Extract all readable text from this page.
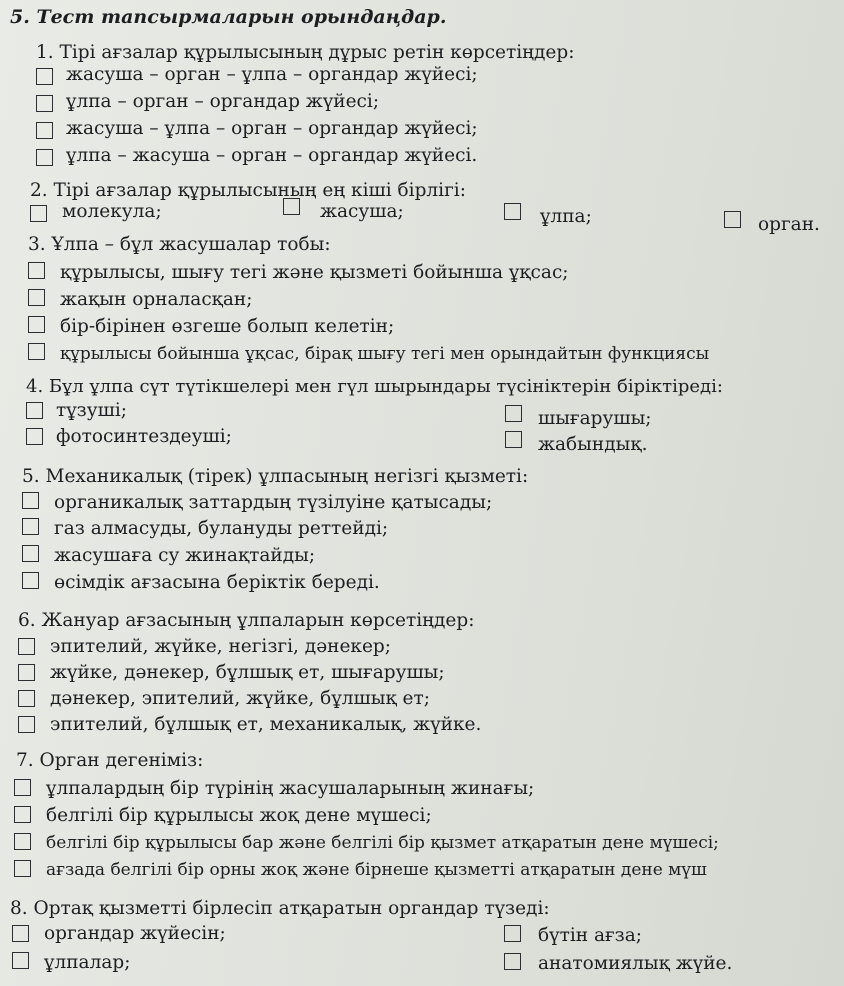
5. Тест тапсырмаларын орындаңдар.
1. Тірі ағзалар құрылысының дұрыс ретін көрсетіңдер:
жасуша – орган – ұлпа – органдар жүйесі;
ұлпа – орган – органдар жүйесі;
жасуша – ұлпа – орган – органдар жүйесі;
ұлпа – жасуша – орган – органдар жүйесі.
2. Тірі ағзалар құрылысының ең кіші бірлігі:
молекула;	жасуша;	ұлпа;	орган.
3. Ұлпа – бұл жасушалар тобы:
құрылысы, шығу тегі және қызметі бойынша ұқсас;
жақын орналасқан;
бір-бірінен өзгеше болып келетін;
құрылысы бойынша ұқсас, бірақ шығу тегі мен орындайтын функциясы
4. Бұл ұлпа сүт түтікшелері мен гүл шырындары түсініктерін біріктіреді:
тұзуші;	шығарушы;
фотосинтездеуші;	жабындық.
5. Механикалық (тірек) ұлпасының негізгі қызметі:
органикалық заттардың түзілуіне қатысады;
газ алмасуды, булануды реттейді;
жасушаға су жинақтайды;
өсімдік ағзасына беріктік береді.
6. Жануар ағзасының ұлпаларын көрсетіңдер:
эпителий, жүйке, негізгі, дәнекер;
жүйке, дәнекер, бұлшық ет, шығарушы;
дәнекер, эпителий, жүйке, бұлшық ет;
эпителий, бұлшық ет, механикалық, жүйке.
7. Орган дегеніміз:
ұлпалардың бір түрінің жасушаларының жинағы;
белгілі бір құрылысы жоқ дене мүшесі;
белгілі бір құрылысы бар және белгілі бір қызмет атқаратын дене мүшесі;
ағзада белгілі бір орны жоқ және бірнеше қызметті атқаратын дене мүш
8. Ортақ қызметті бірлесіп атқаратын органдар түзеді:
органдар жүйесін;	бүтін ағза;
ұлпалар;	анатомиялық жүйе.
